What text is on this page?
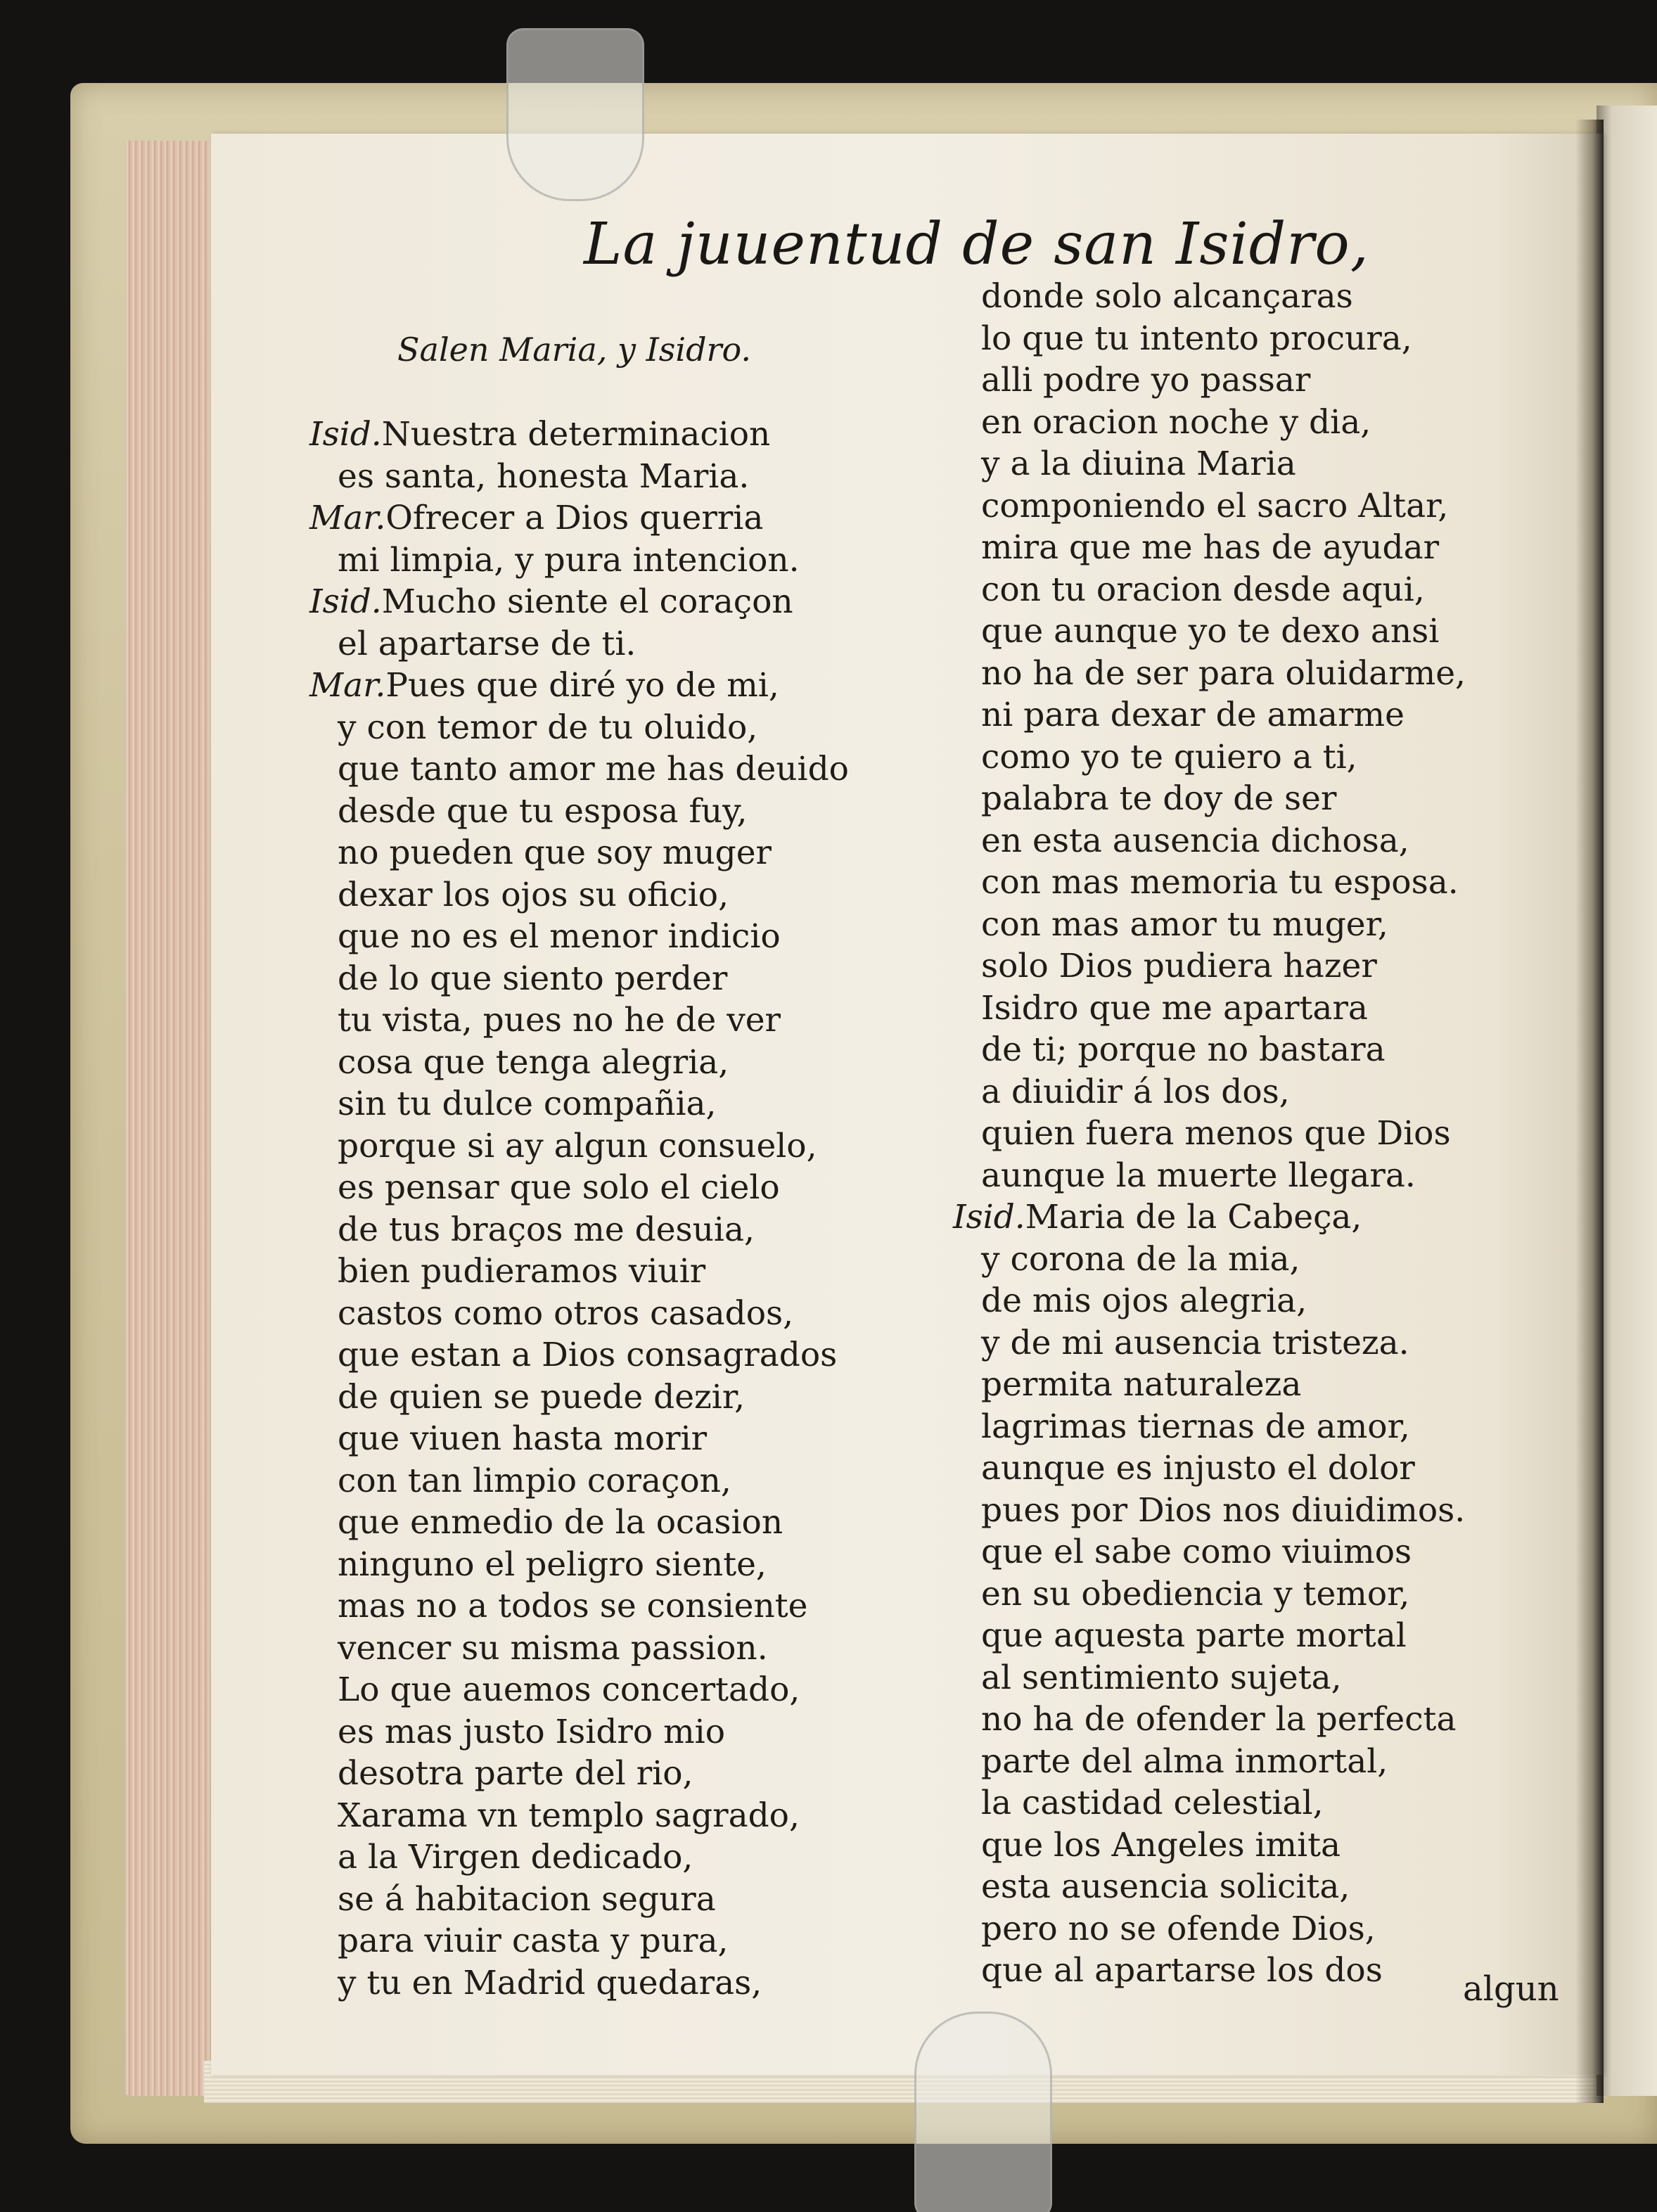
La juuentud de san Isidro,
Salen Maria, y Isidro.
Isid.Nuestra determinacion
es santa, honesta Maria.
Mar.Ofrecer a Dios querria
mi limpia, y pura intencion.
Isid.Mucho siente el coraçon
el apartarse de ti.
Mar.Pues que diré yo de mi,
y con temor de tu oluido,
que tanto amor me has deuido
desde que tu esposa fuy,
no pueden que soy muger
dexar los ojos su oficio,
que no es el menor indicio
de lo que siento perder
tu vista, pues no he de ver
cosa que tenga alegria,
sin tu dulce compañia,
porque si ay algun consuelo,
es pensar que solo el cielo
de tus braços me desuia,
bien pudieramos viuir
castos como otros casados,
que estan a Dios consagrados
de quien se puede dezir,
que viuen hasta morir
con tan limpio coraçon,
que enmedio de la ocasion
ninguno el peligro siente,
mas no a todos se consiente
vencer su misma passion.
Lo que auemos concertado,
es mas justo Isidro mio
desotra parte del rio,
Xarama vn templo sagrado,
a la Virgen dedicado,
se á habitacion segura
para viuir casta y pura,
y tu en Madrid quedaras,
donde solo alcançaras
lo que tu intento procura,
alli podre yo passar
en oracion noche y dia,
y a la diuina Maria
componiendo el sacro Altar,
mira que me has de ayudar
con tu oracion desde aqui,
que aunque yo te dexo ansi
no ha de ser para oluidarme,
ni para dexar de amarme
como yo te quiero a ti,
palabra te doy de ser
en esta ausencia dichosa,
con mas memoria tu esposa.
con mas amor tu muger,
solo Dios pudiera hazer
Isidro que me apartara
de ti; porque no bastara
a diuidir á los dos,
quien fuera menos que Dios
aunque la muerte llegara.
Isid.Maria de la Cabeça,
y corona de la mia,
de mis ojos alegria,
y de mi ausencia tristeza.
permita naturaleza
lagrimas tiernas de amor,
aunque es injusto el dolor
pues por Dios nos diuidimos.
que el sabe como viuimos
en su obediencia y temor,
que aquesta parte mortal
al sentimiento sujeta,
no ha de ofender la perfecta
parte del alma inmortal,
la castidad celestial,
que los Angeles imita
esta ausencia solicita,
pero no se ofende Dios,
que al apartarse los dos	algun
